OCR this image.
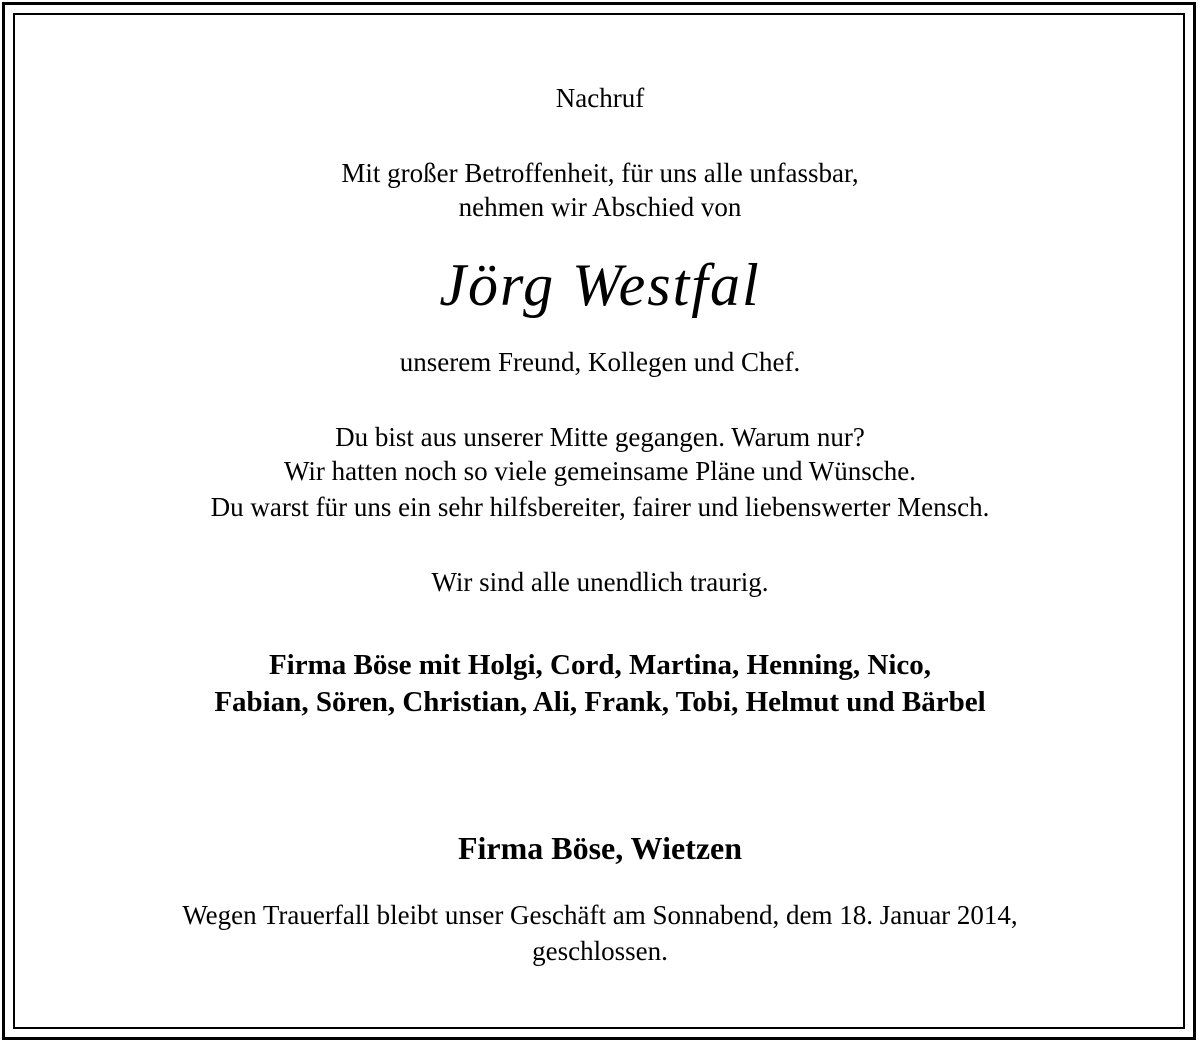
Nachruf
Mit großer Betroffenheit, für uns alle unfassbar,
nehmen wir Abschied von
Jörg Westfal
unserem Freund, Kollegen und Chef.
Du bist aus unserer Mitte gegangen. Warum nur?
Wir hatten noch so viele gemeinsame Pläne und Wünsche.
Du warst für uns ein sehr hilfsbereiter, fairer und liebenswerter Mensch.
Wir sind alle unendlich traurig.
Firma Böse mit Holgi, Cord, Martina, Henning, Nico,
Fabian, Sören, Christian, Ali, Frank, Tobi, Helmut und Bärbel
Firma Böse, Wietzen
Wegen Trauerfall bleibt unser Geschäft am Sonnabend, dem 18. Januar 2014,
geschlossen.
